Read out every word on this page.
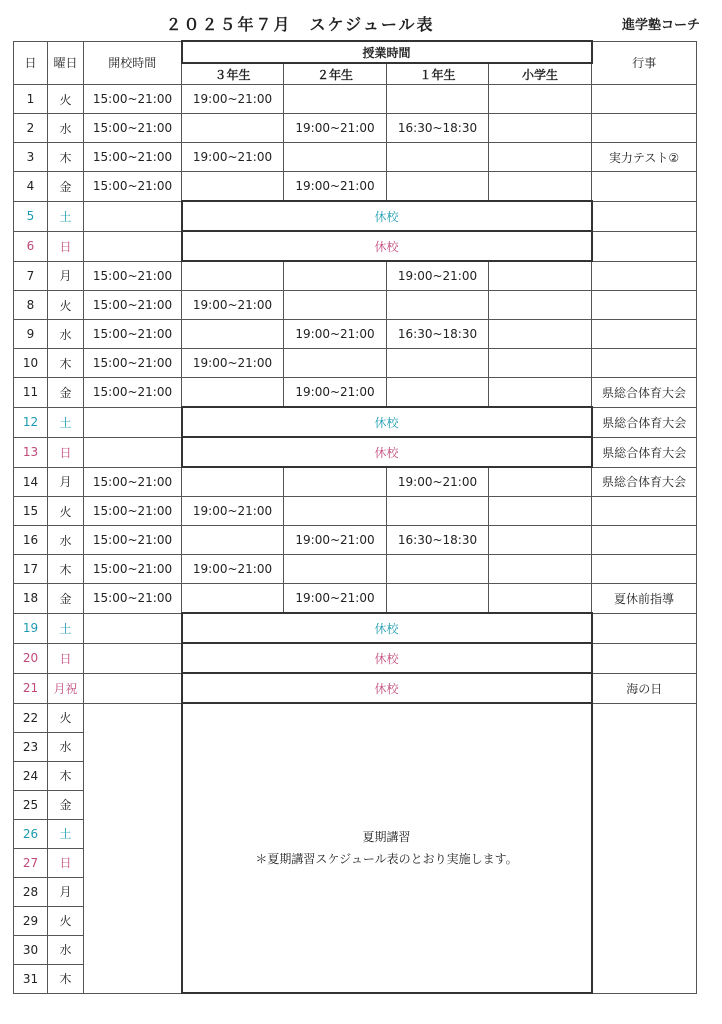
２０２５年７月　スケジュール表	進学塾コーチ
日	曜日	開校時間	授業時間				行事
			３年生	２年生	１年生	小学生	
1	火	15:00~21:00	19:00~21:00				
2	水	15:00~21:00		19:00~21:00	16:30~18:30		
3	木	15:00~21:00	19:00~21:00				実力テスト②
4	金	15:00~21:00		19:00~21:00			
5	土		休校				
6	日		休校				
7	月	15:00~21:00			19:00~21:00		
8	火	15:00~21:00	19:00~21:00				
9	水	15:00~21:00		19:00~21:00	16:30~18:30		
10	木	15:00~21:00	19:00~21:00				
11	金	15:00~21:00		19:00~21:00			県総合体育大会
12	土		休校				県総合体育大会
13	日		休校				県総合体育大会
14	月	15:00~21:00			19:00~21:00		県総合体育大会
15	火	15:00~21:00	19:00~21:00				
16	水	15:00~21:00		19:00~21:00	16:30~18:30		
17	木	15:00~21:00	19:00~21:00				
18	金	15:00~21:00		19:00~21:00			夏休前指導
19	土		休校				
20	日		休校				
21	月祝		休校				海の日
22	火		夏期講習
＊夏期講習スケジュール表のとおり実施します。				

23	水						
24	木						
25	金						
26	土						
27	日						
28	月						
29	火						
30	水						
31	木						
